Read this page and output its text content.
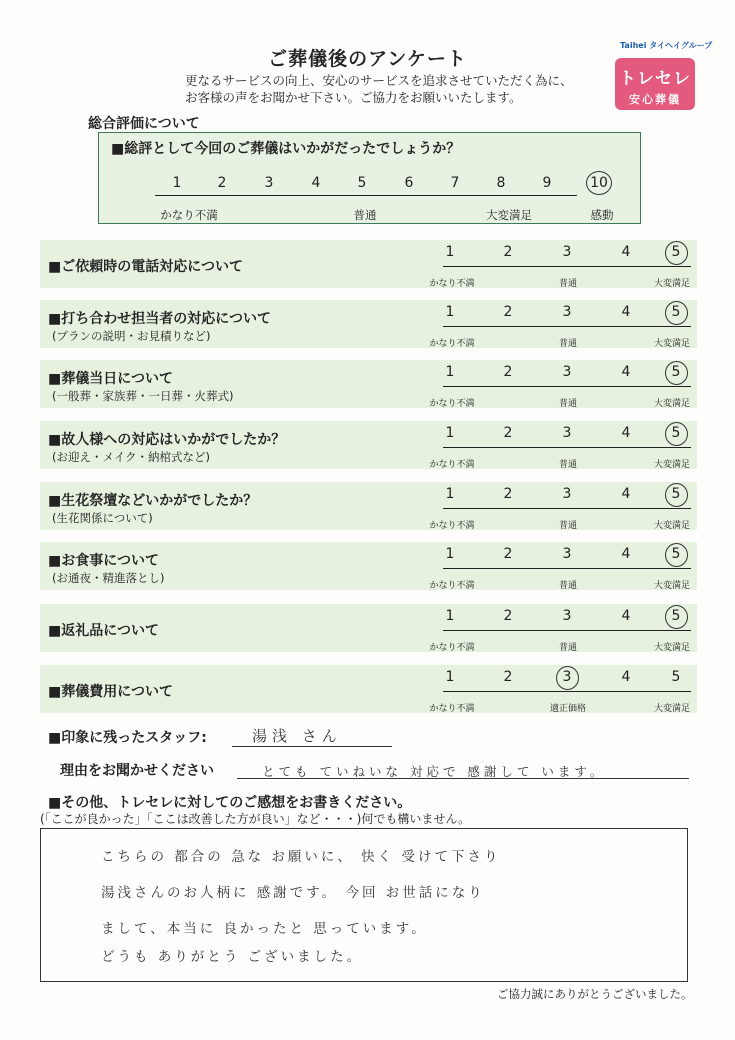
ご葬儀後のアンケート
更なるサービスの向上、安心のサービスを追求させていただく為に、
お客様の声をお聞かせ下さい。ご協力をお願いいたします。
Taihei タイヘイグループ
トレセレ
安心葬儀
総合評価について
■総評として今回のご葬儀はいかがだったでしょうか？
かなり不満	普通	大変満足	感動
1	2	3	4	5	6	7	8	9	10
■ご依頼時の電話対応について
1	2	3	4	5
かなり不満	普通	大変満足
■打ち合わせ担当者の対応について
(プランの説明・お見積りなど)
1	2	3	4	5
かなり不満	普通	大変満足
■葬儀当日について
(一般葬・家族葬・一日葬・火葬式)
1	2	3	4	5
かなり不満	普通	大変満足
■故人様への対応はいかがでしたか？
(お迎え・メイク・納棺式など)
1	2	3	4	5
かなり不満	普通	大変満足
■生花祭壇などいかがでしたか？
(生花関係について)
1	2	3	4	5
かなり不満	普通	大変満足
■お食事について
(お通夜・精進落とし)
1	2	3	4	5
かなり不満	普通	大変満足
■返礼品について
1	2	3	4	5
かなり不満	普通	大変満足
■葬儀費用について
1	2	3	4	5
かなり不満	適正価格	大変満足
■印象に残ったスタッフ:	湯浅 さん
理由をお聞かせください	とても ていねいな 対応で 感謝して います。
■その他、トレセレに対してのご感想をお書きください。
(「ここが良かった」「ここは改善した方が良い」など・・・)何でも構いません。
こちらの 都合の 急な お願いに、 快く 受けて下さり
湯浅さんのお人柄に 感謝です。 今回 お世話になり
まして、本当に 良かったと 思っています。
どうも ありがとう ございました。
ご協力誠にありがとうございました。
